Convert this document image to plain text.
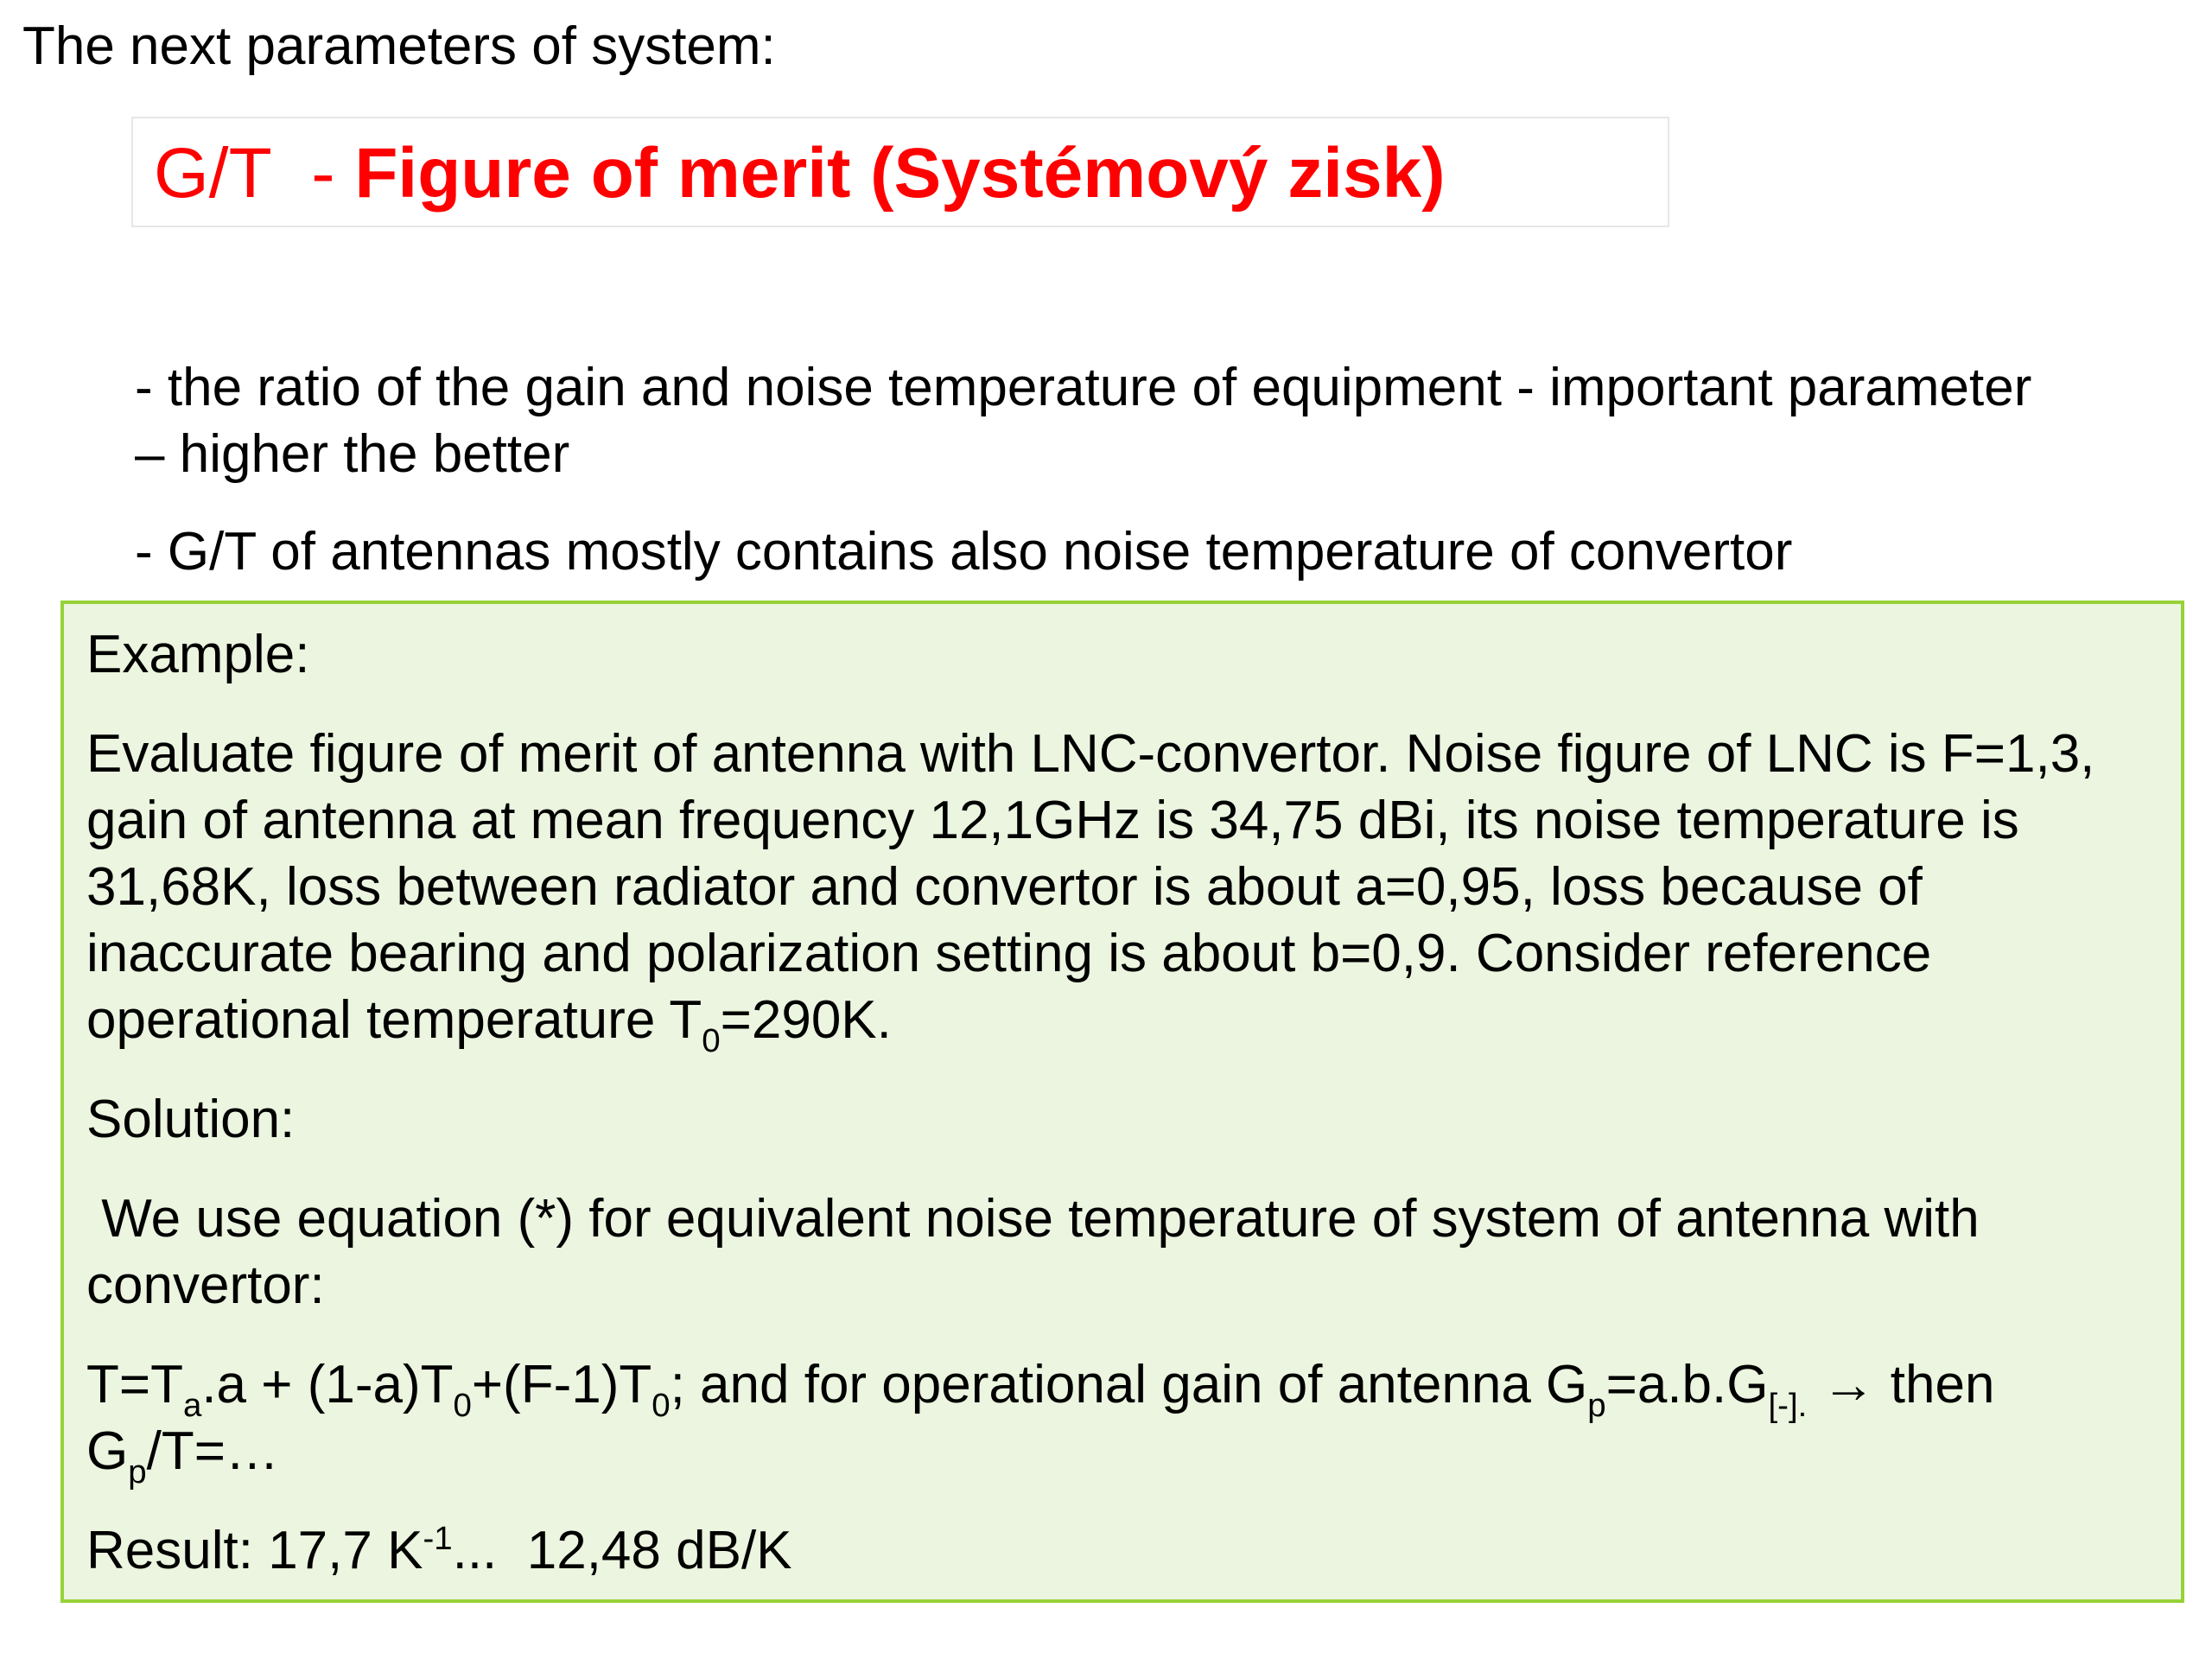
The next parameters of system:
G/T - Figure of merit (Systémový zisk)

- the ratio of the gain and noise temperature of equipment - important parameter – higher the better

- G/T of antennas mostly contains also noise temperature of convertor

Example:

Evaluate figure of merit of antenna with LNC-convertor. Noise figure of LNC is F=1,3, gain of antenna at mean frequency 12,1GHz is 34,75 dBi, its noise temperature is 31,68K, loss between radiator and convertor is about a=0,95, loss because of inaccurate bearing and polarization setting is about b=0,9. Consider reference operational temperature $T_0=290K$.

Solution:

We use equation (*) for equivalent noise temperature of system of antenna with convertor:

$T=T_a.a + (1-a)T_0+(F-1)T_0$; and for operational gain of antenna $G_p=a.b.G_{[-].}$ → then $G_p/T=\dots$

Result: 17,7 $K^{-1}$...  12,48 dB/K
